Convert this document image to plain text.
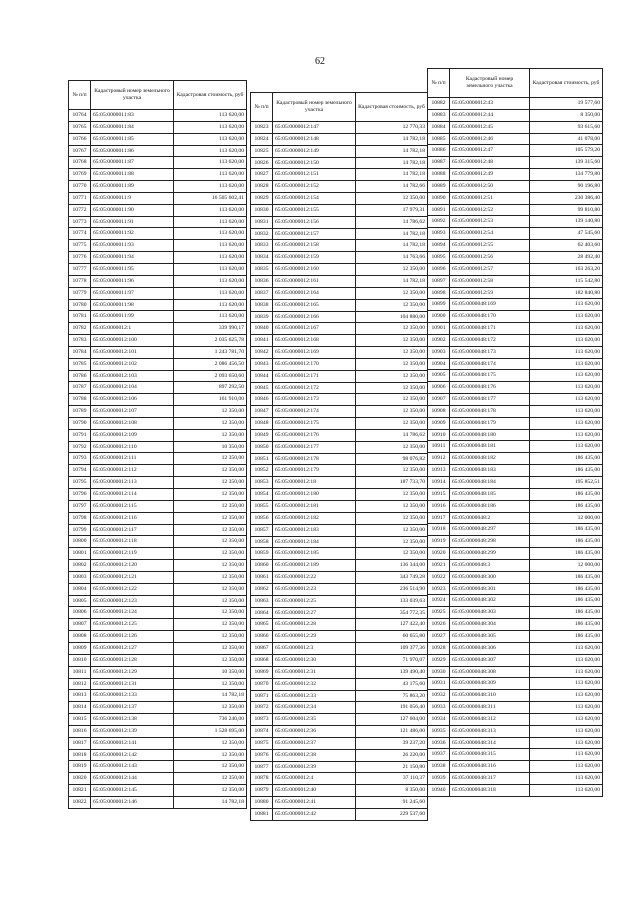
62
№ п/п	Кадастровый номер земельного участка	Кадастровая стоимость, руб
10764	65:05:0000011:83	113 620,00
10765	65:05:0000011:84	113 620,00
10766	65:05:0000011:85	113 620,00
10767	65:05:0000011:86	113 620,00
10768	65:05:0000011:87	113 620,00
10769	65:05:0000011:88	113 620,00
10770	65:05:0000011:89	113 620,00
10771	65:05:0000011:9	16 505 602,41
10772	65:05:0000011:90	113 620,00
10773	65:05:0000011:91	113 620,00
10774	65:05:0000011:92	113 620,00
10775	65:05:0000011:93	113 620,00
10776	65:05:0000011:94	113 620,00
10777	65:05:0000011:95	113 620,00
10778	65:05:0000011:96	113 620,00
10779	65:05:0000011:97	113 620,00
10780	65:05:0000011:98	113 620,00
10781	65:05:0000011:99	113 620,00
10782	65:05:0000012:1	339 990,17
10783	65:05:0000012:100	2 035 625,78
10784	65:05:0000012:101	1 243 781,70
10785	65:05:0000012:102	2 086 456,50
10786	65:05:0000012:103	2 093 650,60
10787	65:05:0000012:104	897 292,50
10788	65:05:0000012:106	161 910,00
10789	65:05:0000012:107	12 350,00
10790	65:05:0000012:108	12 350,00
10791	65:05:0000012:109	12 350,00
10792	65:05:0000012:110	10 350,00
10793	65:05:0000012:111	12 350,00
10794	65:05:0000012:112	12 350,00
10795	65:05:0000012:113	12 350,00
10796	65:05:0000012:114	12 350,00
10797	65:05:0000012:115	12 350,00
10798	65:05:0000012:116	12 350,00
10799	65:05:0000012:117	12 350,00
10800	65:05:0000012:118	12 350,00
10801	65:05:0000012:119	12 350,00
10802	65:05:0000012:120	12 350,00
10803	65:05:0000012:121	12 350,00
10804	65:05:0000012:122	12 350,00
10805	65:05:0000012:123	12 350,00
10806	65:05:0000012:124	12 350,00
10807	65:05:0000012:125	12 350,00
10808	65:05:0000012:126	12 350,00
10809	65:05:0000012:127	12 350,00
10810	65:05:0000012:128	12 350,00
10811	65:05:0000012:129	10 350,00
10812	65:05:0000012:131	12 350,00
10813	65:05:0000012:133	14 782,18
10814	65:05:0000012:137	12 350,00
10815	65:05:0000012:138	736 240,00
10816	65:05:0000012:139	1 528 695,00
10817	65:05:0000012:141	12 350,00
10818	65:05:0000012:142	12 350,00
10819	65:05:0000012:143	12 350,00
10820	65:05:0000012:144	12 350,00
10821	65:05:0000012:145	12 350,00
10822	65:05:0000012:146	14 782,18
№ п/п	Кадастровый номер земельного участка	Кадастровая стоимость, руб
10823	65:05:0000012:147	12 770,33
10824	65:05:0000012:148	14 782,18
10825	65:05:0000012:149	14 782,18
10826	65:05:0000012:150	14 782,18
10827	65:05:0000012:151	14 782,18
10828	65:05:0000012:152	14 782,66
10829	65:05:0000012:154	12 350,00
10830	65:05:0000012:155	17 979,31
10831	65:05:0000012:156	14 786,62
10832	65:05:0000012:157	14 782,18
10833	65:05:0000012:158	14 782,18
10834	65:05:0000012:159	14 763,66
10835	65:05:0000012:160	12 350,00
10836	65:05:0000012:161	14 782,18
10837	65:05:0000012:164	12 350,00
10838	65:05:0000012:165	12 350,00
10839	65:05:0000012:166	104 880,00
10840	65:05:0000012:167	12 350,00
10841	65:05:0000012:168	12 350,00
10842	65:05:0000012:169	12 350,00
10843	65:05:0000012:170	12 350,00
10844	65:05:0000012:171	12 350,00
10845	65:05:0000012:172	12 350,00
10846	65:05:0000012:173	12 350,00
10847	65:05:0000012:174	12 350,00
10848	65:05:0000012:175	12 350,00
10849	65:05:0000012:176	14 786,62
10850	65:05:0000012:177	12 350,00
10851	65:05:0000012:178	98 076,82
10852	65:05:0000012:179	12 350,00
10853	65:05:0000012:18	187 733,70
10854	65:05:0000012:180	12 350,00
10855	65:05:0000012:181	12 350,00
10856	65:05:0000012:182	12 350,00
10857	65:05:0000012:183	12 350,00
10858	65:05:0000012:184	12 350,00
10859	65:05:0000012:185	12 350,00
10860	65:05:0000012:189	136 344,00
10861	65:05:0000012:22	343 749,28
10862	65:05:0000012:23	236 514,90
10863	65:05:0000012:25	133 039,63
10864	65:05:0000012:27	354 772,35
10865	65:05:0000012:28	127 422,40
10866	65:05:0000012:29	60 655,80
10867	65:05:0000012:3	109 377,36
10868	65:05:0000012:30	71 970,07
10869	65:05:0000012:31	139 490,40
10870	65:05:0000012:32	43 175,60
10871	65:05:0000012:33	75 863,20
10872	65:05:0000012:34	191 056,40
10873	65:05:0000012:35	127 604,00
10874	65:05:0000012:36	121 486,00
10875	65:05:0000012:37	39 237,20
10876	65:05:0000012:38	26 220,00
10877	65:05:0000012:39	21 150,80
10878	65:05:0000012:4	37 110,37
10879	65:05:0000012:40	8 350,00
10880	65:05:0000012:41	91 245,60
10881	65:05:0000012:42	229 537,60
№ п/п	Кадастровый номер земельного участка	Кадастровая стоимость, руб
10882	65:05:0000012:43	19 577,60
10883	65:05:0000012:44	8 350,00
10884	65:05:0000012:45	93 615,60
10885	65:05:0000012:46	41 078,00
10886	65:05:0000012:47	105 579,20
10887	65:05:0000012:48	139 315,60
10888	65:05:0000012:49	134 779,80
10889	65:05:0000012:50	90 196,80
10890	65:05:0000012:51	230 386,40
10891	65:05:0000012:52	99 810,80
10892	65:05:0000012:53	139 140,80
10893	65:05:0000012:54	47 545,60
10894	65:05:0000012:55	62 403,60
10895	65:05:0000012:56	28 492,40
10896	65:05:0000012:57	163 263,20
10897	65:05:0000012:58	115 542,80
10898	65:05:0000012:59	182 840,80
10899	65:05:0000048:169	113 620,00
10900	65:05:0000048:170	113 620,00
10901	65:05:0000048:171	113 620,00
10902	65:05:0000048:172	113 620,00
10903	65:05:0000048:173	113 620,00
10904	65:05:0000048:174	113 620,00
10905	65:05:0000048:175	113 620,00
10906	65:05:0000048:176	113 620,00
10907	65:05:0000048:177	113 620,00
10908	65:05:0000048:178	113 620,00
10909	65:05:0000048:179	113 620,00
10910	65:05:0000048:180	113 620,00
10911	65:05:0000048:181	113 620,00
10912	65:05:0000048:182	186 435,00
10913	65:05:0000048:183	186 435,00
10914	65:05:0000048:184	195 852,51
10915	65:05:0000048:185	186 435,00
10916	65:05:0000048:186	186 435,00
10917	65:05:0000048:2	12 000,00
10918	65:05:0000048:297	186 435,00
10919	65:05:0000048:298	186 435,00
10920	65:05:0000048:299	186 435,00
10921	65:05:0000048:3	12 000,00
10922	65:05:0000048:300	186 435,00
10923	65:05:0000048:301	186 435,00
10924	65:05:0000048:302	186 435,00
10925	65:05:0000048:303	186 435,00
10926	65:05:0000048:304	186 435,00
10927	65:05:0000048:305	186 435,00
10928	65:05:0000048:306	113 620,00
10929	65:05:0000048:307	113 620,00
10930	65:05:0000048:308	113 620,00
10931	65:05:0000048:309	113 620,00
10932	65:05:0000048:310	113 620,00
10933	65:05:0000048:311	113 620,00
10934	65:05:0000048:312	113 620,00
10935	65:05:0000048:313	113 620,00
10936	65:05:0000048:314	113 620,00
10937	65:05:0000048:315	113 620,00
10938	65:05:0000048:316	113 620,00
10939	65:05:0000048:317	113 620,00
10940	65:05:0000048:318	113 620,00
